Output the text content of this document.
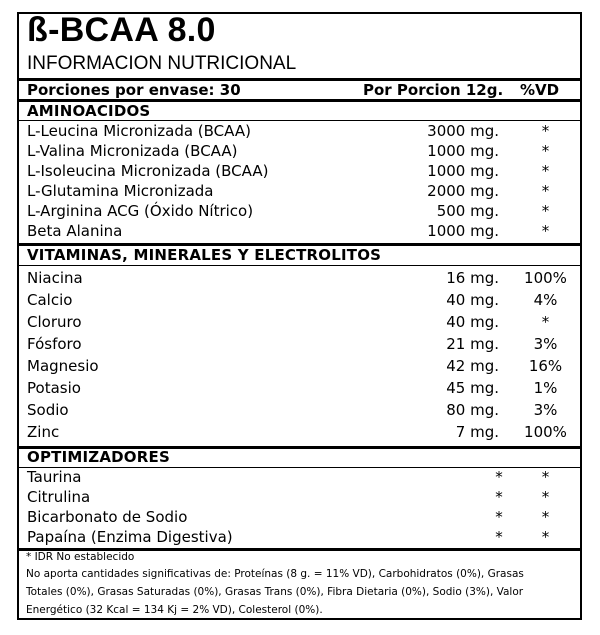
ß-BCAA 8.0
INFORMACION NUTRICIONAL
Porciones por envase: 30	Por Porcion 12g. %VD
AMINOACIDOS
L-Leucina Micronizada (BCAA)	3000 mg.	*
L-Valina Micronizada (BCAA)	1000 mg.	*
L-Isoleucina Micronizada (BCAA)	1000 mg.	*
L-Glutamina Micronizada	2000 mg.	*
L-Arginina ACG (Óxido Nítrico)	500 mg.	*
Beta Alanina	1000 mg.	*
VITAMINAS, MINERALES Y ELECTROLITOS
Niacina	16 mg.	100%
Calcio	40 mg.	4%
Cloruro	40 mg.	*
Fósforo	21 mg.	3%
Magnesio	42 mg.	16%
Potasio	45 mg.	1%
Sodio	80 mg.	3%
Zinc	7 mg.	100%
OPTIMIZADORES
Taurina	*	*
Citrulina	*	*
Bicarbonato de Sodio	*	*
Papaína (Enzima Digestiva)	*	*
* IDR No establecido
No aporta cantidades significativas de: Proteínas (8 g. = 11% VD), Carbohidratos (0%), Grasas
Totales (0%), Grasas Saturadas (0%), Grasas Trans (0%), Fibra Dietaria (0%), Sodio (3%), Valor
Energético (32 Kcal = 134 Kj = 2% VD), Colesterol (0%).
